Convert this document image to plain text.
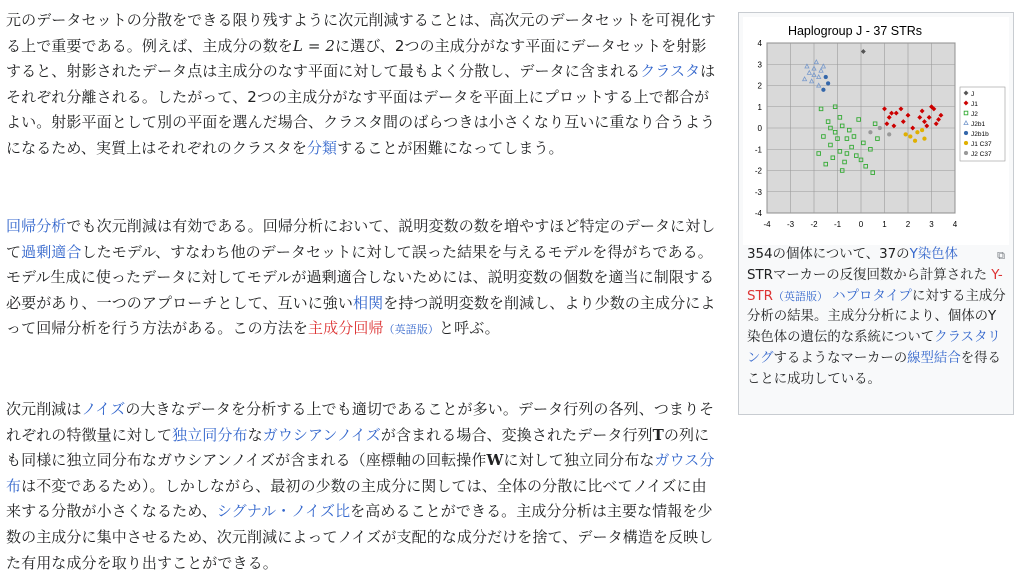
元のデータセットの分散をできる限り残すように次元削減することは、高次元のデータセットを可視化する上で重要である。例えば、主成分の数をL = 2に選び、2つの主成分がなす平面にデータセットを射影すると、射影されたデータ点は主成分のなす平面に対して最もよく分散し、データに含まれるクラスタはそれぞれ分離される。したがって、2つの主成分がなす平面はデータを平面上にプロットする上で都合がよい。射影平面として別の平面を選んだ場合、クラスタ間のばらつきは小さくなり互いに重なり合うようになるため、実質上はそれぞれのクラスタを分類することが困難になってしまう。

回帰分析でも次元削減は有効である。回帰分析において、説明変数の数を増やすほど特定のデータに対して過剰適合したモデル、すなわち他のデータセットに対して誤った結果を与えるモデルを得がちである。モデル生成に使ったデータに対してモデルが過剰適合しないためには、説明変数の個数を適当に制限する必要があり、一つのアプローチとして、互いに強い相関を持つ説明変数を削減し、より少数の主成分によって回帰分析を行う方法がある。この方法を主成分回帰（英語版）と呼ぶ。

次元削減はノイズの大きなデータを分析する上でも適切であることが多い。データ行列の各列、つまりそれぞれの特徴量に対して独立同分布なガウシアンノイズが含まれる場合、変換されたデータ行列Tの列にも同様に独立同分布なガウシアンノイズが含まれる（座標軸の回転操作Wに対して独立同分布なガウス分布は不変であるため）。しかしながら、最初の少数の主成分に関しては、全体の分散に比べてノイズに由来する分散が小さくなるため、シグナル・ノイズ比を高めることができる。主成分分析は主要な情報を少数の主成分に集中させるため、次元削減によってノイズが支配的な成分だけを捨て、データ構造を反映した有用な成分を取り出すことができる。

Haplogroup J - 37 STRs
-4 -3 -2 -1 0 1 2 3 4
4
3
2
1
0
-1
-2
-3
-4
J
J1
J2
J2b1
J2b1b
J1 C37
J2 C37
⧉
354の個体について、37のY染色体
STRマーカーの反復回数から計算された Y-STR（英語版） ハプロタイプに対する主成分分析の結果。主成分分析により、個体のY染色体の遺伝的な系統についてクラスタリングするようなマーカーの線型結合を得ることに成功している。
